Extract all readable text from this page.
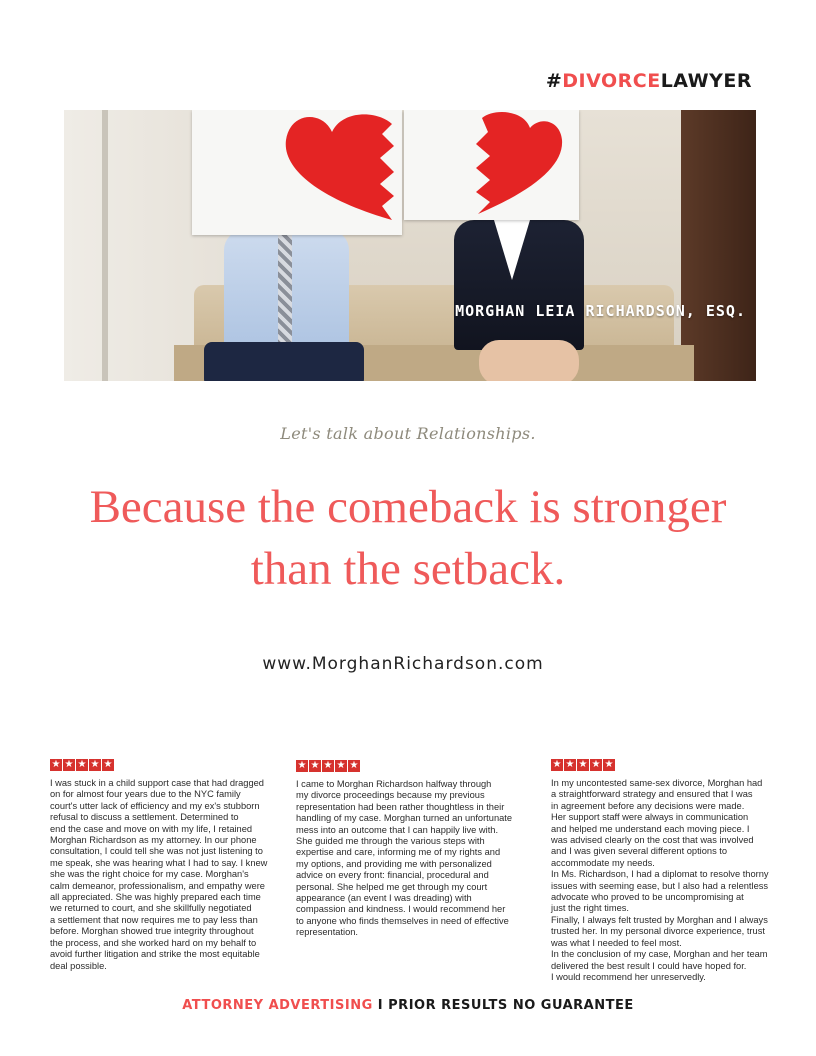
#DIVORCELAWYER
MORGHAN LEIA RICHARDSON, ESQ.
Let's talk about Relationships.
Because the comeback is stronger
than the setback.
www.MorghanRichardson.com
★ ★ ★ ★ ★

I was stuck in a child support case that had dragged
on for almost four years due to the NYC family
court's utter lack of efficiency and my ex's stubborn
refusal to discuss a settlement. Determined to
end the case and move on with my life, I retained
Morghan Richardson as my attorney. In our phone
consultation, I could tell she was not just listening to
me speak, she was hearing what I had to say. I knew
she was the right choice for my case. Morghan's
calm demeanor, professionalism, and empathy were
all appreciated. She was highly prepared each time
we returned to court, and she skillfully negotiated
a settlement that now requires me to pay less than
before. Morghan showed true integrity throughout
the process, and she worked hard on my behalf to
avoid further litigation and strike the most equitable
deal possible.

★ ★ ★ ★ ★

I came to Morghan Richardson halfway through
my divorce proceedings because my previous
representation had been rather thoughtless in their
handling of my case. Morghan turned an unfortunate
mess into an outcome that I can happily live with.
She guided me through the various steps with
expertise and care, informing me of my rights and
my options, and providing me with personalized
advice on every front: financial, procedural and
personal. She helped me get through my court
appearance (an event I was dreading) with
compassion and kindness. I would recommend her
to anyone who finds themselves in need of effective
representation.

★ ★ ★ ★ ★

In my uncontested same-sex divorce, Morghan had
a straightforward strategy and ensured that I was
in agreement before any decisions were made.
Her support staff were always in communication
and helped me understand each moving piece. I
was advised clearly on the cost that was involved
and I was given several different options to
accommodate my needs.
In Ms. Richardson, I had a diplomat to resolve thorny
issues with seeming ease, but I also had a relentless
advocate who proved to be uncompromising at
just the right times.
Finally, I always felt trusted by Morghan and I always
trusted her. In my personal divorce experience, trust
was what I needed to feel most.
In the conclusion of my case, Morghan and her team
delivered the best result I could have hoped for.
I would recommend her unreservedly.

ATTORNEY ADVERTISING I PRIOR RESULTS NO GUARANTEE
